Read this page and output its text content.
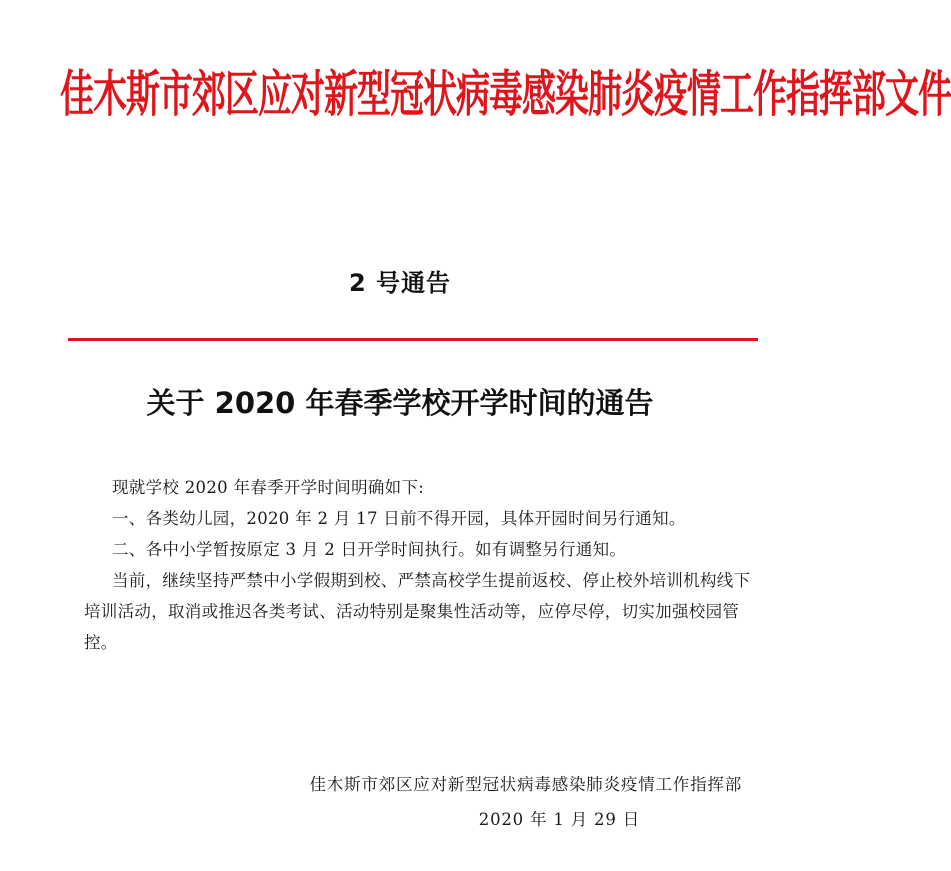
佳木斯市郊区应对新型冠状病毒感染肺炎疫情工作指挥部文件
2 号通告
关于 2020 年春季学校开学时间的通告

现就学校 2020 年春季开学时间明确如下:

一、各类幼儿园，2020 年 2 月 17 日前不得开园，具体开园时间另行通知。

二、各中小学暂按原定 3 月 2 日开学时间执行。如有调整另行通知。

当前，继续坚持严禁中小学假期到校、严禁高校学生提前返校、停止校外培训机构线下培训活动，取消或推迟各类考试、活动特别是聚集性活动等，应停尽停，切实加强校园管控。

佳木斯市郊区应对新型冠状病毒感染肺炎疫情工作指挥部
2020 年 1 月 29 日
